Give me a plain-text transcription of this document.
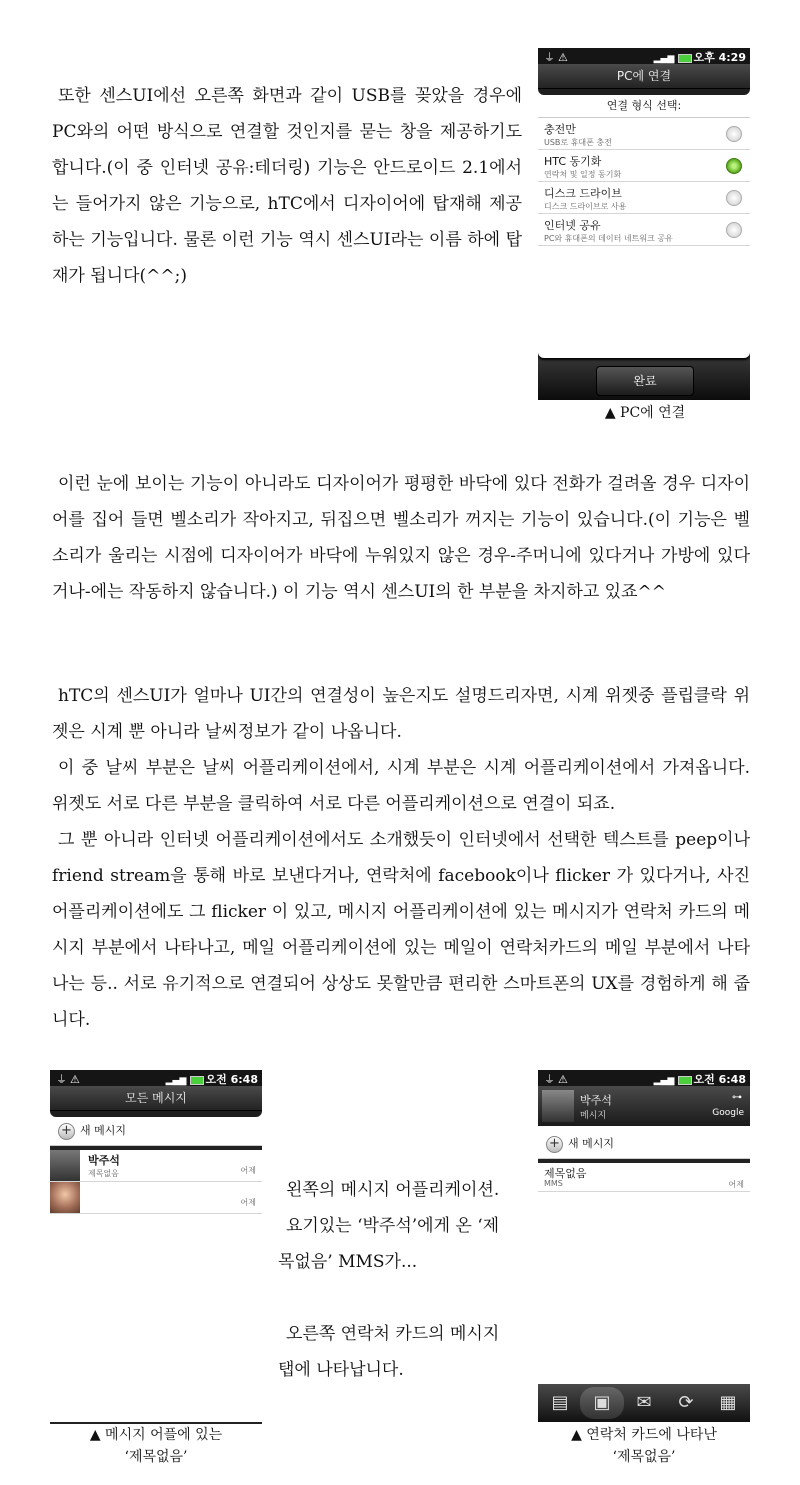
또한 센스UI에선 오른쪽 화면과 같이 USB를 꽂았을 경우에 PC와의 어떤 방식으로 연결할 것인지를 묻는 창을 제공하기도 합니다.(이 중 인터넷 공유:테더링) 기능은 안드로이드 2.1에서는 들어가지 않은 기능으로, hTC에서 디자이어에 탑재해 제공하는 기능입니다. 물론 이런 기능 역시 센스UI라는 이름 하에 탑재가 됩니다(^^;)

⏚⚠	▂▄▆ 오후 4:29
PC에 연결
연결 형식 선택:
충전만
USB로 휴대폰 충전
HTC 동기화
연락처 및 일정 동기화
디스크 드라이브
디스크 드라이브로 사용
인터넷 공유
PC와 휴대폰의 데이터 네트워크 공유
완료
▲ PC에 연결

이런 눈에 보이는 기능이 아니라도 디자이어가 평평한 바닥에 있다 전화가 걸려올 경우 디자이어를 집어 들면 벨소리가 작아지고, 뒤집으면 벨소리가 꺼지는 기능이 있습니다.(이 기능은 벨소리가 울리는 시점에 디자이어가 바닥에 누워있지 않은 경우-주머니에 있다거나 가방에 있다거나-에는 작동하지 않습니다.) 이 기능 역시 센스UI의 한 부분을 차지하고 있죠^^

hTC의 센스UI가 얼마나 UI간의 연결성이 높은지도 설명드리자면, 시계 위젯중 플립클락 위젯은 시계 뿐 아니라 날씨정보가 같이 나옵니다.

이 중 날씨 부분은 날씨 어플리케이션에서, 시계 부분은 시계 어플리케이션에서 가져옵니다. 위젯도 서로 다른 부분을 클릭하여 서로 다른 어플리케이션으로 연결이 되죠.

그 뿐 아니라 인터넷 어플리케이션에서도 소개했듯이 인터넷에서 선택한 텍스트를 peep이나 friend stream을 통해 바로 보낸다거나, 연락처에 facebook이나 flicker 가 있다거나, 사진 어플리케이션에도 그 flicker 이 있고, 메시지 어플리케이션에 있는 메시지가 연락처 카드의 메시지 부분에서 나타나고, 메일 어플리케이션에 있는 메일이 연락처카드의 메일 부분에서 나타나는 등.. 서로 유기적으로 연결되어 상상도 못할만큼 편리한 스마트폰의 UX를 경험하게 해 줍니다.

⏚⚠	▂▄▆ 오전 6:48
모든 메시지
+ 새 메시지
박주석
제목없음	어제
어제
▲ 메시지 어플에 있는
‘제목없음’
왼쪽의 메시지 어플리케이션.
요기있는 ‘박주석’에게 온 ‘제
목없음’ MMS가...
오른쪽 연락처 카드의 메시지
탭에 나타납니다.
⏚⚠	▂▄▆ 오전 6:48
박주석
메시지
⊶
Google
+ 새 메시지
제목없음
MMS	어제
▤	▣	✉	⟳	▦
▲ 연락처 카드에 나타난
‘제목없음’
